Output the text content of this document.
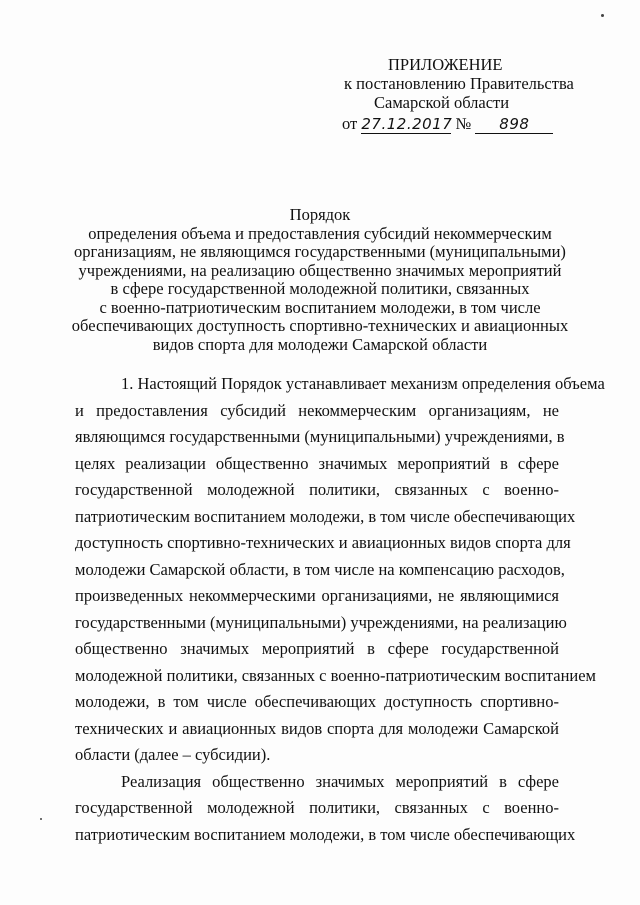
ПРИЛОЖЕНИЕ
к постановлению Правительства
Самарской области
от 27.12.2017 № 898
Порядок
определения объема и предоставления субсидий некоммерческим
организациям, не являющимся государственными (муниципальными)
учреждениями, на реализацию общественно значимых мероприятий
в сфере государственной молодежной политики, связанных
с военно-патриотическим воспитанием молодежи, в том числе
обеспечивающих доступность спортивно-технических и авиационных
видов спорта для молодежи Самарской области
1. Настоящий Порядок устанавливает механизм определения объема
и предоставления субсидий некоммерческим организациям, не
являющимся государственными (муниципальными) учреждениями, в
целях реализации общественно значимых мероприятий в сфере
государственной молодежной политики, связанных с военно-
патриотическим воспитанием молодежи, в том числе обеспечивающих
доступность спортивно-технических и авиационных видов спорта для
молодежи Самарской области, в том числе на компенсацию расходов,
произведенных некоммерческими организациями, не являющимися
государственными (муниципальными) учреждениями, на реализацию
общественно значимых мероприятий в сфере государственной
молодежной политики, связанных с военно-патриотическим воспитанием
молодежи, в том числе обеспечивающих доступность спортивно-
технических и авиационных видов спорта для молодежи Самарской
области (далее – субсидии).
Реализация общественно значимых мероприятий в сфере
государственной молодежной политики, связанных с военно-
патриотическим воспитанием молодежи, в том числе обеспечивающих
